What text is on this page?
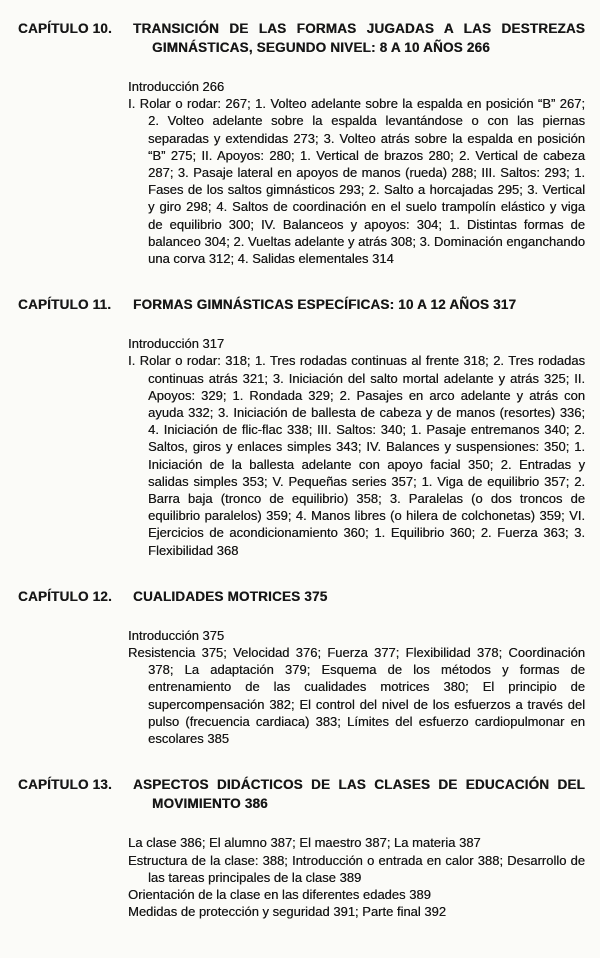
CAPÍTULO 10.	TRANSICIÓN DE LAS FORMAS JUGADAS A LAS DESTREZAS GIMNÁSTICAS, SEGUNDO NIVEL: 8 A 10 AÑOS 266

Introducción 266

I. Rolar o rodar: 267; 1. Volteo adelante sobre la espalda en posición “B” 267; 2. Volteo adelante sobre la espalda levantándose o con las piernas separadas y extendidas 273; 3. Volteo atrás sobre la espalda en posición “B” 275; II. Apoyos: 280; 1. Vertical de brazos 280; 2. Vertical de cabeza 287; 3. Pasaje lateral en apoyos de manos (rueda) 288; III. Saltos: 293; 1. Fases de los saltos gimnásticos 293; 2. Salto a horcajadas 295; 3. Vertical y giro 298; 4. Saltos de coordinación en el suelo trampolín elástico y viga de equilibrio 300; IV. Balanceos y apoyos: 304; 1. Distintas formas de balanceo 304; 2. Vueltas adelante y atrás 308; 3. Dominación enganchando una corva 312; 4. Salidas elementales 314

CAPÍTULO 11.	FORMAS GIMNÁSTICAS ESPECÍFICAS: 10 A 12 AÑOS 317

Introducción 317

I. Rolar o rodar: 318; 1. Tres rodadas continuas al frente 318; 2. Tres rodadas continuas atrás 321; 3. Iniciación del salto mortal adelante y atrás 325; II. Apoyos: 329; 1. Rondada 329; 2. Pasajes en arco adelante y atrás con ayuda 332; 3. Iniciación de ballesta de cabeza y de manos (resortes) 336; 4. Iniciación de flic-flac 338; III. Saltos: 340; 1. Pasaje entremanos 340; 2. Saltos, giros y enlaces simples 343; IV. Balances y suspensiones: 350; 1. Iniciación de la ballesta adelante con apoyo facial 350; 2. Entradas y salidas simples 353; V. Pequeñas series 357; 1. Viga de equilibrio 357; 2. Barra baja (tronco de equilibrio) 358; 3. Paralelas (o dos troncos de equilibrio paralelos) 359; 4. Manos libres (o hilera de colchonetas) 359; VI. Ejercicios de acondicionamiento 360; 1. Equilibrio 360; 2. Fuerza 363; 3. Flexibilidad 368

CAPÍTULO 12.	CUALIDADES MOTRICES 375

Introducción 375

Resistencia 375; Velocidad 376; Fuerza 377; Flexibilidad 378; Coordinación 378; La adaptación 379; Esquema de los métodos y formas de entrenamiento de las cualidades motrices 380; El principio de supercompensación 382; El control del nivel de los esfuerzos a través del pulso (frecuencia cardiaca) 383; Límites del esfuerzo cardiopulmonar en escolares 385

CAPÍTULO 13.	ASPECTOS DIDÁCTICOS DE LAS CLASES DE EDUCACIÓN DEL MOVIMIENTO 386

La clase 386; El alumno 387; El maestro 387; La materia 387

Estructura de la clase: 388; Introducción o entrada en calor 388; Desarrollo de las tareas principales de la clase 389

Orientación de la clase en las diferentes edades 389

Medidas de protección y seguridad 391; Parte final 392
